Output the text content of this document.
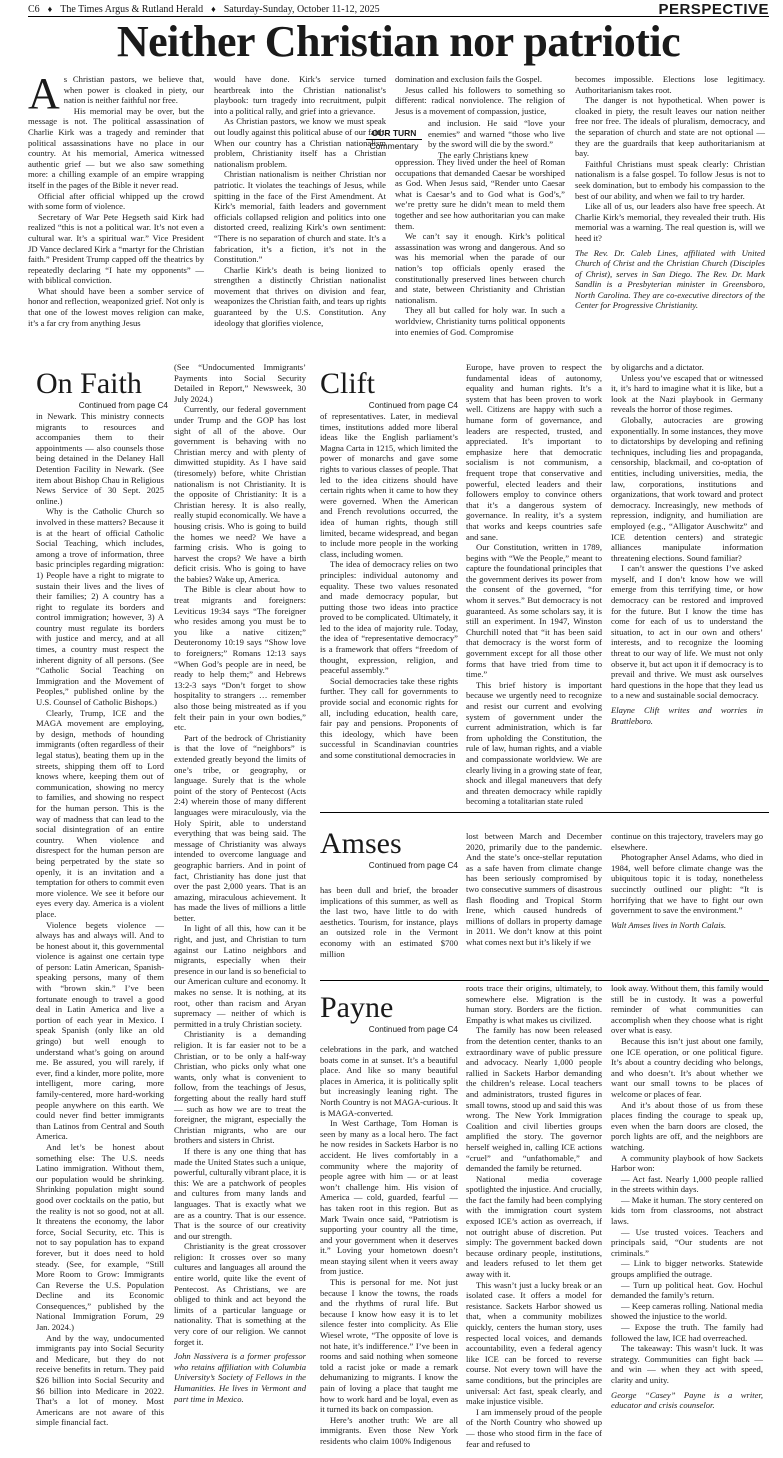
C6 ♦ The Times Argus & Rutland Herald ♦ Saturday-Sunday, October 11-12, 2025	PERSPECTIVE
Neither Christian nor patriotic
A s Christian pastors, we believe that, when power is cloaked in piety, our nation is neither faithful nor free.

His memorial may be over, but the message is not. The political assassination of Charlie Kirk was a tragedy and reminder that political assassinations have no place in our country. At his memorial, America witnessed authentic grief — but we also saw something more: a chilling example of an empire wrapping itself in the pages of the Bible it never read.

Official after official whipped up the crowd with some form of violence.

Secretary of War Pete Hegseth said Kirk had realized “this is not a political war. It’s not even a cultural war. It’s a spiritual war.” Vice President JD Vance declared Kirk a “martyr for the Christian faith.” President Trump capped off the theatrics by repeatedly declaring “I hate my opponents” — with biblical conviction.

What should have been a somber service of honor and reflection, weaponized grief. Not only is that one of the lowest moves religion can make, it’s a far cry from anything Jesus

would have done. Kirk’s service turned heartbreak into the Christian nationalist’s playbook: turn tragedy into recruitment, pulpit into a political rally, and grief into a grievance.

As Christian pastors, we know we must speak out loudly against this political abuse of our faith. When our country has a Christian nationalism problem, Christianity itself has a Christian nationalism problem.

Christian nationalism is neither Christian nor patriotic. It violates the teachings of Jesus, while spitting in the face of the First Amendment. At Kirk’s memorial, faith leaders and government officials collapsed religion and politics into one distorted creed, realizing Kirk’s own sentiment: “There is no separation of church and state. It’s a fabrication, it’s a fiction, it’s not in the Constitution.”

Charlie Kirk’s death is being lionized to strengthen a distinctly Christian nationalist movement that thrives on division and fear, weaponizes the Christian faith, and tears up rights guaranteed by the U.S. Constitution. Any ideology that glorifies violence,

domination and exclusion fails the Gospel.

Jesus called his followers to something so different: radical nonviolence. The religion of Jesus is a movement of compassion, justice,

OUR TURN
Commentary

and inclusion. He said “love your enemies” and warned “those who live by the sword will die by the sword.”

The early Christians knew

oppression. They lived under the heel of Roman occupations that demanded Caesar be worshiped as God. When Jesus said, “Render unto Caesar what is Caesar’s and to God what is God’s,” we’re pretty sure he didn’t mean to meld them together and see how authoritarian you can make them.

We can’t say it enough. Kirk’s political assassination was wrong and dangerous. And so was his memorial when the parade of our nation’s top officials openly erased the constitutionally preserved lines between church and state, between Christianity and Christian nationalism.

They all but called for holy war. In such a worldview, Christianity turns political opponents into enemies of God. Compromise

becomes impossible. Elections lose legitimacy. Authoritarianism takes root.

The danger is not hypothetical. When power is cloaked in piety, the result leaves our nation neither free nor free. The ideals of pluralism, democracy, and the separation of church and state are not optional — they are the guardrails that keep authoritarianism at bay.

Faithful Christians must speak clearly: Christian nationalism is a false gospel. To follow Jesus is not to seek domination, but to embody his compassion to the best of our ability, and when we fail to try harder.

Like all of us, our leaders also have free speech. At Charlie Kirk’s memorial, they revealed their truth. His memorial was a warning. The real question is, will we heed it?

The Rev. Dr. Caleb Lines, affiliated with United Church of Christ and the Christian Church (Disciples of Christ), serves in San Diego. The Rev. Dr. Mark Sandlin is a Presbyterian minister in Greensboro, North Carolina. They are co-executive directors of the Center for Progressive Christianity.

On Faith
Continued from page C4

in Newark. This ministry connects migrants to resources and accompanies them to their appointments — also counsels those being detained in the Delaney Hall Detention Facility in Newark. (See item about Bishop Chau in Religious News Service of 30 Sept. 2025 online.)

Why is the Catholic Church so involved in these matters? Because it is at the heart of official Catholic Social Teaching, which includes, among a trove of information, three basic principles regarding migration: 1) People have a right to migrate to sustain their lives and the lives of their families; 2) A country has a right to regulate its borders and control immigration; however, 3) A country must regulate its borders with justice and mercy, and at all times, a country must respect the inherent dignity of all persons. (See “Catholic Social Teaching on Immigration and the Movement of Peoples,” published online by the U.S. Counsel of Catholic Bishops.)

Clearly, Trump, ICE and the MAGA movement are employing, by design, methods of hounding immigrants (often regardless of their legal status), beating them up in the streets, shipping them off to Lord knows where, keeping them out of communication, showing no mercy to families, and showing no respect for the human person. This is the way of madness that can lead to the social disintegration of an entire country. When violence and disrespect for the human person are being perpetrated by the state so openly, it is an invitation and a temptation for others to commit even more violence. We see it before our eyes every day. America is a violent place.

Violence begets violence — always has and always will. And to be honest about it, this governmental violence is against one certain type of person: Latin American, Spanish-speaking persons, many of them with “brown skin.” I’ve been fortunate enough to travel a good deal in Latin America and live a portion of each year in Mexico. I speak Spanish (only like an old gringo) but well enough to understand what’s going on around me. Be assured, you will rarely, if ever, find a kinder, more polite, more intelligent, more caring, more family-centered, more hard-working people anywhere on this earth. We could never find better immigrants than Latinos from Central and South America.

And let’s be honest about something else: The U.S. needs Latino immigration. Without them, our population would be shrinking. Shrinking population might sound good over cocktails on the patio, but the reality is not so good, not at all. It threatens the economy, the labor force, Social Security, etc. This is not to say population has to expand forever, but it does need to hold steady. (See, for example, “Still More Room to Grow: Immigrants Can Reverse the U.S. Population Decline and its Economic Consequences,” published by the National Immigration Forum, 29 Jan. 2024.)

And by the way, undocumented immigrants pay into Social Security and Medicare, but they do not receive benefits in return. They paid $26 billion into Social Security and $6 billion into Medicare in 2022. That’s a lot of money. Most Americans are not aware of this simple financial fact.

(See “Undocumented Immigrants’ Payments into Social Security Detailed in Report,” Newsweek, 30 July 2024.)

Currently, our federal government under Trump and the GOP has lost sight of all of the above. Our government is behaving with no Christian mercy and with plenty of dimwitted stupidity. As I have said (tiresomely) before, white Christian nationalism is not Christianity. It is the opposite of Christianity: It is a Christian heresy. It is also really, really stupid economically. We have a housing crisis. Who is going to build the homes we need? We have a farming crisis. Who is going to harvest the crops? We have a birth deficit crisis. Who is going to have the babies? Wake up, America.

The Bible is clear about how to treat migrants and foreigners: Leviticus 19:34 says “The foreigner who resides among you must be to you like a native citizen;” Deuteronomy 10:19 says “Show love to foreigners;” Romans 12:13 says “When God’s people are in need, be ready to help them;” and Hebrews 13:2-3 says “Don’t forget to show hospitality to strangers … remember also those being mistreated as if you felt their pain in your own bodies,” etc.

Part of the bedrock of Christianity is that the love of “neighbors” is extended greatly beyond the limits of one’s tribe, or geography, or language. Surely that is the whole point of the story of Pentecost (Acts 2:4) wherein those of many different languages were miraculously, via the Holy Spirit, able to understand everything that was being said. The message of Christianity was always intended to overcome language and geographic barriers. And in point of fact, Christianity has done just that over the past 2,000 years. That is an amazing, miraculous achievement. It has made the lives of millions a little better.

In light of all this, how can it be right, and just, and Christian to turn against our Latino neighbors and migrants, especially when their presence in our land is so beneficial to our American culture and economy. It makes no sense. It is nothing, at its root, other than racism and Aryan supremacy — neither of which is permitted in a truly Christian society.

Christianity is a demanding religion. It is far easier not to be a Christian, or to be only a half-way Christian, who picks only what one wants, only what is convenient to follow, from the teachings of Jesus, forgetting about the really hard stuff — such as how we are to treat the foreigner, the migrant, especially the Christian migrants, who are our brothers and sisters in Christ.

If there is any one thing that has made the United States such a unique, powerful, culturally vibrant place, it is this: We are a patchwork of peoples and cultures from many lands and languages. That is exactly what we are as a country. That is our essence. That is the source of our creativity and our strength.

Christianity is the great crossover religion: It crosses over so many cultures and languages all around the entire world, quite like the event of Pentecost. As Christians, we are obliged to think and act beyond the limits of a particular language or nationality. That is something at the very core of our religion. We cannot forget it.

John Nassivera is a former professor who retains affiliation with Columbia University’s Society of Fellows in the Humanities. He lives in Vermont and part time in Mexico.

Clift
Continued from page C4

of representatives. Later, in medieval times, institutions added more liberal ideas like the English parliament’s Magna Carta in 1215, which limited the power of monarchs and gave some rights to various classes of people. That led to the idea citizens should have certain rights when it came to how they were governed. When the American and French revolutions occurred, the idea of human rights, though still limited, became widespread, and began to include more people in the working class, including women.

The idea of democracy relies on two principles: individual autonomy and equality. These two values resonated and made democracy popular, but putting those two ideas into practice proved to be complicated. Ultimately, it led to the idea of majority rule. Today, the idea of “representative democracy” is a framework that offers “freedom of thought, expression, religion, and peaceful assembly.”

Social democracies take these rights further. They call for governments to provide social and economic rights for all, including education, health care, fair pay and pensions. Proponents of this ideology, which have been successful in Scandinavian countries and some constitutional democracies in

Europe, have proven to respect the fundamental ideas of autonomy, equality and human rights. It’s a system that has been proven to work well. Citizens are happy with such a humane form of governance, and leaders are respected, trusted, and appreciated. It’s important to emphasize here that democratic socialism is not communism, a frequent trope that conservative and powerful, elected leaders and their followers employ to convince others that it’s a dangerous system of governance. In reality, it’s a system that works and keeps countries safe and sane.

Our Constitution, written in 1789, begins with “We the People,” meant to capture the foundational principles that the government derives its power from the consent of the governed, “for whom it serves.” But democracy is not guaranteed. As some scholars say, it is still an experiment. In 1947, Winston Churchill noted that “it has been said that democracy is the worst form of government except for all those other forms that have tried from time to time.”

This brief history is important because we urgently need to recognize and resist our current and evolving system of government under the current administration, which is far from upholding the Constitution, the rule of law, human rights, and a viable and compassionate worldview. We are clearly living in a growing state of fear, shock and illegal maneuvers that defy and threaten democracy while rapidly becoming a totalitarian state ruled

by oligarchs and a dictator.

Unless you’ve escaped that or witnessed it, it’s hard to imagine what it is like, but a look at the Nazi playbook in Germany reveals the horror of those regimes.

Globally, autocracies are growing exponentially. In some instances, they move to dictatorships by developing and refining techniques, including lies and propaganda, censorship, blackmail, and co-optation of entities, including universities, media, the law, corporations, institutions and organizations, that work toward and protect democracy. Increasingly, new methods of repression, indignity, and humiliation are employed (e.g., “Alligator Auschwitz” and ICE detention centers) and strategic alliances manipulate information threatening elections. Sound familiar?

I can’t answer the questions I’ve asked myself, and I don’t know how we will emerge from this terrifying time, or how democracy can be restored and improved for the future. But I know the time has come for each of us to understand the situation, to act in our own and others’ interests, and to recognize the looming threat to our way of life. We must not only observe it, but act upon it if democracy is to prevail and thrive. We must ask ourselves hard questions in the hope that they lead us to a new and sustainable social democracy.

Elayne Clift writes and worries in Brattleboro.

Amses
Continued from page C4

has been dull and brief, the broader implications of this summer, as well as the last two, have little to do with aesthetics. Tourism, for instance, plays an outsized role in the Vermont economy with an estimated $700 million

lost between March and December 2020, primarily due to the pandemic. And the state’s once-stellar reputation as a safe haven from climate change has been seriously compromised by two consecutive summers of disastrous flash flooding and Tropical Storm Irene, which caused hundreds of millions of dollars in property damage in 2011. We don’t know at this point what comes next but it’s likely if we

continue on this trajectory, travelers may go elsewhere.

Photographer Ansel Adams, who died in 1984, well before climate change was the ubiquitous topic it is today, nonetheless succinctly outlined our plight: “It is horrifying that we have to fight our own government to save the environment.”

Walt Amses lives in North Calais.

Payne
Continued from page C4

celebrations in the park, and watched boats come in at sunset. It’s a beautiful place. And like so many beautiful places in America, it is politically split but increasingly leaning right. The North Country is not MAGA-curious. It is MAGA-converted.

In West Carthage, Tom Homan is seen by many as a local hero. The fact he now resides in Sackets Harbor is no accident. He lives comfortably in a community where the majority of people agree with him — or at least won’t challenge him. His vision of America — cold, guarded, fearful — has taken root in this region. But as Mark Twain once said, “Patriotism is supporting your country all the time, and your government when it deserves it.” Loving your hometown doesn’t mean staying silent when it veers away from justice.

This is personal for me. Not just because I know the towns, the roads and the rhythms of rural life. But because I know how easy it is to let silence fester into complicity. As Elie Wiesel wrote, “The opposite of love is not hate, it’s indifference.” I’ve been in rooms and said nothing when someone told a racist joke or made a remark dehumanizing to migrants. I know the pain of loving a place that taught me how to work hard and be loyal, even as it turned its back on compassion.

Here’s another truth: We are all immigrants. Even those New York residents who claim 100% Indigenous

roots trace their origins, ultimately, to somewhere else. Migration is the human story. Borders are the fiction. Empathy is what makes us civilized.

The family has now been released from the detention center, thanks to an extraordinary wave of public pressure and advocacy. Nearly 1,000 people rallied in Sackets Harbor demanding the children’s release. Local teachers and administrators, trusted figures in small towns, stood up and said this was wrong. The New York Immigration Coalition and civil liberties groups amplified the story. The governor herself weighed in, calling ICE actions “cruel” and “unfathomable,” and demanded the family be returned.

National media coverage spotlighted the injustice. And crucially, the fact the family had been complying with the immigration court system exposed ICE’s action as overreach, if not outright abuse of discretion. Put simply: The government backed down because ordinary people, institutions, and leaders refused to let them get away with it.

This wasn’t just a lucky break or an isolated case. It offers a model for resistance. Sackets Harbor showed us that, when a community mobilizes quickly, centers the human story, uses respected local voices, and demands accountability, even a federal agency like ICE can be forced to reverse course. Not every town will have the same conditions, but the principles are universal: Act fast, speak clearly, and make injustice visible.

I am immensely proud of the people of the North Country who showed up — those who stood firm in the face of fear and refused to

look away. Without them, this family would still be in custody. It was a powerful reminder of what communities can accomplish when they choose what is right over what is easy.

Because this isn’t just about one family, one ICE operation, or one political figure. It’s about a country deciding who belongs, and who doesn’t. It’s about whether we want our small towns to be places of welcome or places of fear.

And it’s about those of us from these places finding the courage to speak up, even when the barn doors are closed, the porch lights are off, and the neighbors are watching.

A community playbook of how Sackets Harbor won:

— Act fast. Nearly 1,000 people rallied in the streets within days.

— Make it human. The story centered on kids torn from classrooms, not abstract laws.

— Use trusted voices. Teachers and principals said, “Our students are not criminals.”

— Link to bigger networks. Statewide groups amplified the outrage.

— Turn up political heat. Gov. Hochul demanded the family’s return.

— Keep cameras rolling. National media showed the injustice to the world.

— Expose the truth. The family had followed the law, ICE had overreached.

The takeaway: This wasn’t luck. It was strategy. Communities can fight back — and win — when they act with speed, clarity and unity.

George “Casey” Payne is a writer, educator and crisis counselor.
